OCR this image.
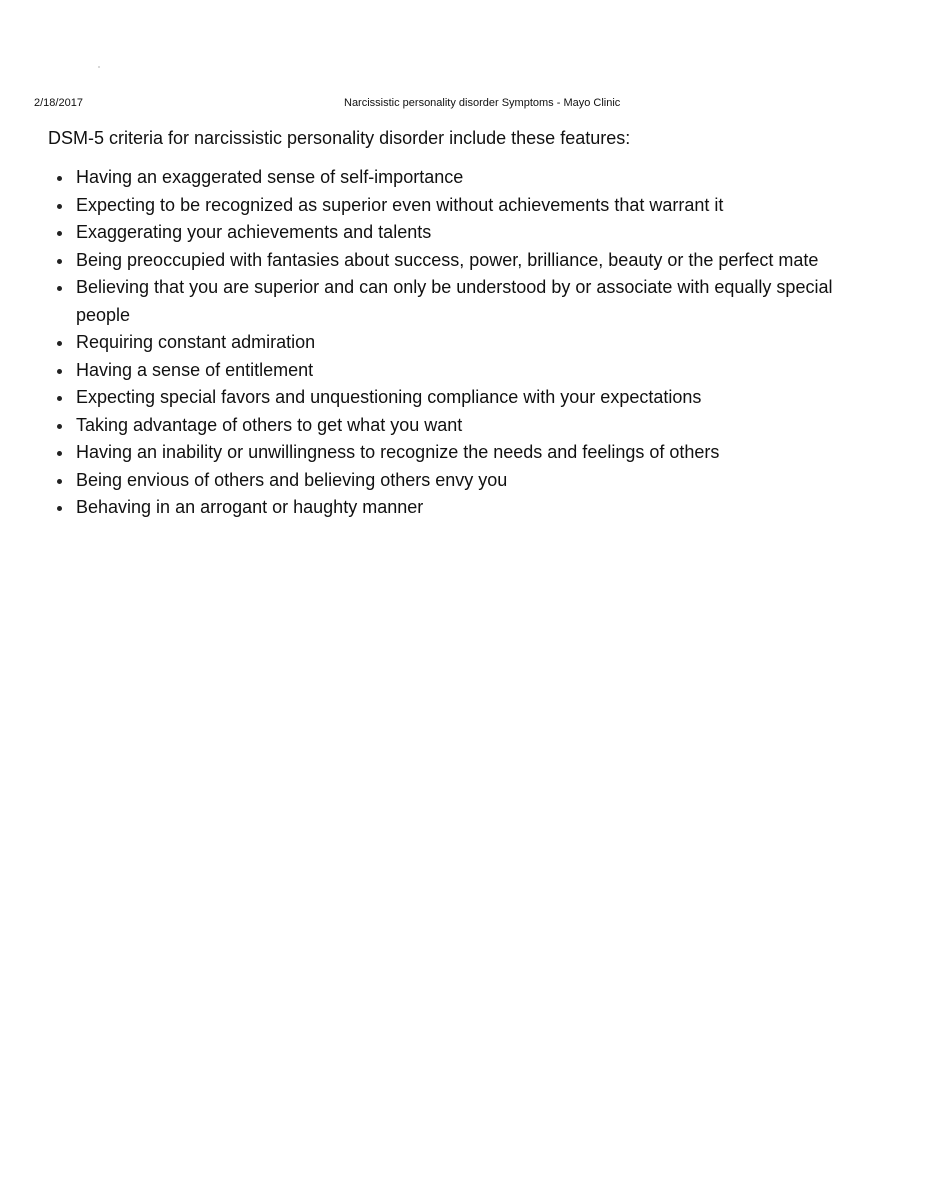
2/18/2017	Narcissistic personality disorder Symptoms - Mayo Clinic

DSM-5 criteria for narcissistic personality disorder include these features:

Having an exaggerated sense of self-importance
Expecting to be recognized as superior even without achievements that warrant it
Exaggerating your achievements and talents
Being preoccupied with fantasies about success, power, brilliance, beauty or the perfect mate
Believing that you are superior and can only be understood by or associate with equally special people
Requiring constant admiration
Having a sense of entitlement
Expecting special favors and unquestioning compliance with your expectations
Taking advantage of others to get what you want
Having an inability or unwillingness to recognize the needs and feelings of others
Being envious of others and believing others envy you
Behaving in an arrogant or haughty manner
